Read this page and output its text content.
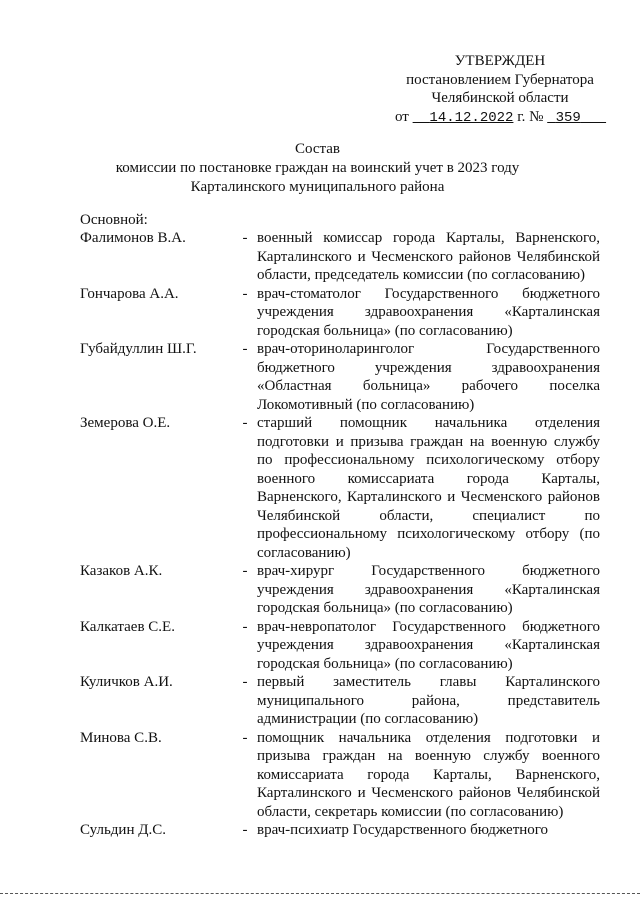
УТВЕРЖДЕН
постановлением Губернатора
Челябинской области
от 14.12.2022 г. № 359
Состав
комиссии по постановке граждан на воинский учет в 2023 году
Карталинского муниципального района
Основной:
Фалимонов В.А.	- военный комиссар города Карталы, Варненского, Карталинского и Чесменского районов Челябинской области, председатель комиссии (по согласованию)
Гончарова А.А.	- врач-стоматолог Государственного бюджетного учреждения здравоохранения «Карталинская городская больница» (по согласованию)
Губайдуллин Ш.Г.	- врач-оториноларинголог Государственного бюджетного учреждения здравоохранения «Областная больница» рабочего поселка Локомотивный (по согласованию)
Земерова О.Е.	- старший помощник начальника отделения подготовки и призыва граждан на военную службу по профессиональному психологическому отбору военного комиссариата города Карталы, Варненского, Карталинского и Чесменского районов Челябинской области, специалист по профессиональному психологическому отбору (по согласованию)
Казаков А.К.	- врач-хирург Государственного бюджетного учреждения здравоохранения «Карталинская городская больница» (по согласованию)
Калкатаев С.Е.	- врач-невропатолог Государственного бюджетного учреждения здравоохранения «Карталинская городская больница» (по согласованию)
Куличков А.И.	- первый заместитель главы Карталинского муниципального района, представитель администрации (по согласованию)
Минова С.В.	- помощник начальника отделения подготовки и призыва граждан на военную службу военного комиссариата города Карталы, Варненского, Карталинского и Чесменского районов Челябинской области, секретарь комиссии (по согласованию)
Сульдин Д.С.	- врач-психиатр Государственного бюджетного
